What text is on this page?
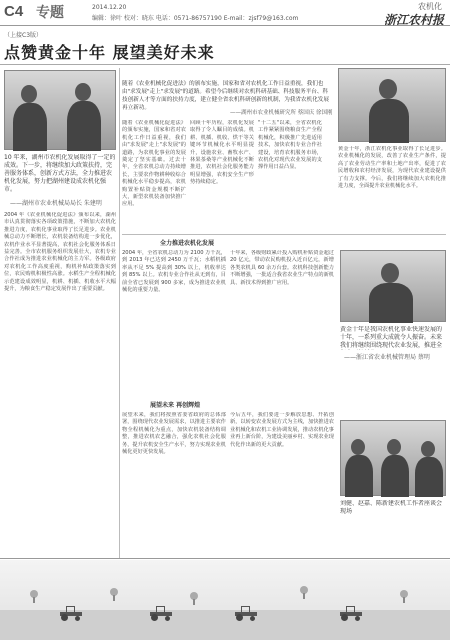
C4 专题	2014.12.20
编辑：徐叶 校对：晓东 电话：0571-86757190 E-mail：zjsf79@163.com
农机化
浙江农村报
（上接C3版）
点赞黄金十年 展望美好未来
10 年来，湖州市农机化发展取得了一定的成效。下一步，将继续加大政策扶持，完善服务体系，创新方式方法，全力推进农机化发展，努力把湖州建设成农机化强市。
——湖州市农业机械局局长 朱建明
2004 年《农业机械化促进法》颁布以来，湖州市认真贯彻落实各项政策措施，不断加大农机化推进力度，农机化事业取得了长足进步。农业机械总动力不断增长，农机装备结构进一步优化，农机作业水平显著提高，农机社会化服务体系日益完善。全市农机服务组织发展壮大，农机专业合作社成为推进农业机械化的主力军。各级政府对农机化工作高度重视，购机补贴政策落实到位，农民购机积极性高涨。水稻生产全程机械化示范建设成效明显，机耕、机插、机收水平大幅提升，为粮食生产稳定发展作出了重要贡献。
随着《农业机械化促进法》的颁布实施，国家和省对农机化工作日益重视，我们也由"求发展"走上"求发展"的道路。希望今后继续对农机科研基础、科技服务平台、科技创新人才等方面的扶持力度，建立健全省农机科研创新的机制，为我省农机化发展再立新功。
——湖州市农业机械研究所 蔡国庆 徐国刚
随着《农业机械化促进法》的颁布实施，国家和省对农机化工作日益重视，我们由"求发展"走上"求发展"的道路，为农机化事业的发展奠定了坚实基础。过去十年，全省农机总动力持续增长，主要农作物耕种收综合机械化水平稳步提高，农机购置补贴资金规模不断扩大，新型农机装备加快推广应用。
回顾十年历程，农机化发展取得了令人瞩目的成绩。机耕、机插、机收、烘干等关键环节机械化水平明显提升，设施农业、畜牧水产、林果茶桑等产业机械化不断推进，农机社会化服务能力明显增强，农机安全生产形势持续稳定。
"十二五"以来，全省农机化工作紧紧围绕粮食生产全程机械化，积极推广先进适用技术，加快农机专业合作社建设，培育农机服务市场，农机化对现代农业发展的支撑作用日益凸显。
黄金十年，浙江农机化事业取得了长足进步。农业机械化的发展，改善了农业生产条件，提高了农业劳动生产率和土地产出率，促进了农民增收和农村经济发展，为现代农业建设提供了有力支撑。今后，我们将继续加大农机化推进力度，全面提升农业机械化水平。
全力推进农机化发展
黄金十年是我国农机化事业快速发展的十年，一系列重大成就令人振奋。未来我们将继续围绕现代农业发展，推进全
——浙江省农业机械管理局 蔡明
2004 年，全省农机总动力为 2100 万千瓦，到 2013 年已达到 2450 万千瓦；水稻机插率从不足 5% 提高到 30% 以上，机收率达到 85% 以上。农机专业合作社从无到有，目前全省已发展到 900 多家，成为推进农业机械化的重要力量。
十年来，各级财政累计投入购机补贴资金超过 20 亿元，带动农民购机投入近百亿元，新增各类农机具 60 余万台套。农机科技创新能力不断增强，一批适合我省农业生产特点的新机具、新技术得到推广应用。
展望未来 再创辉煌
展望未来，我们将按照省委省政府的总体部署，围绕现代农业发展需求，以推进主要农作物全程机械化为重点，加快农机装备结构调整，推进农机农艺融合，强化农机社会化服务，提升农机安全生产水平，努力实现农业机械化更好更快发展。
今后五年，我们要进一步解放思想、开拓创新，以转变农业发展方式为主线，加快推进农业机械化和农机工业协调发展，推动农机化事业再上新台阶，为建设美丽乡村、实现农业现代化作出新的更大贡献。
刘健、赵嘉、陈新建农机工作者座谈会现场
